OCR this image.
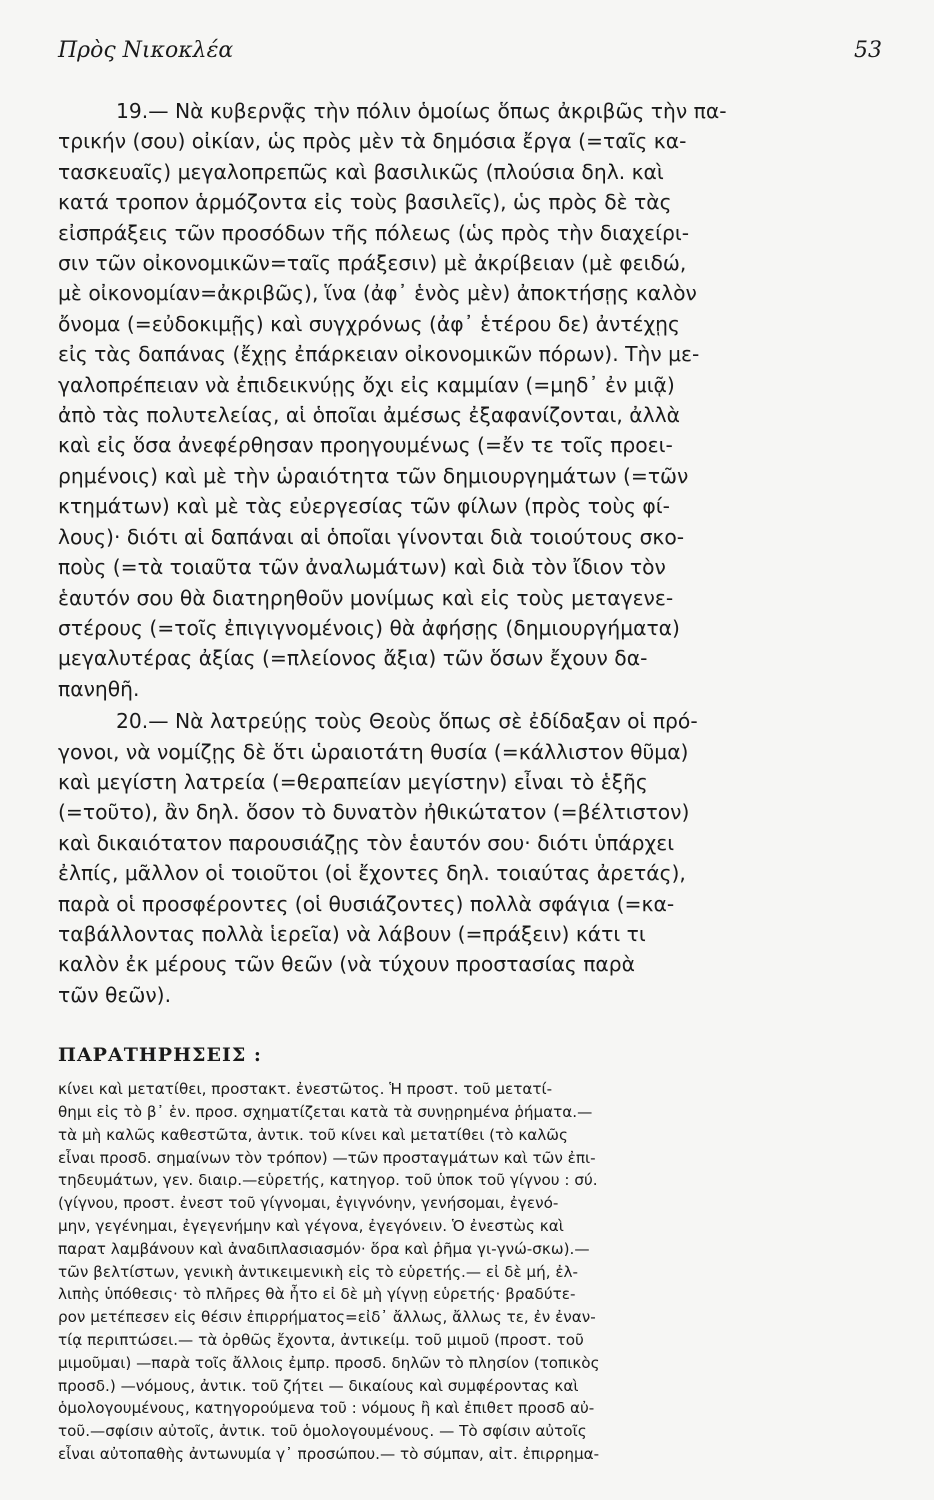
Πρὸς Νικοκλέα	53

19.— Νὰ κυβερνᾷς τὴν πόλιν ὁμοίως ὅπως ἀκριβῶς τὴν πα-
τρικήν (σου) οἰκίαν, ὡς πρὸς μὲν τὰ δημόσια ἔργα (=ταῖς κα-
τασκευαῖς) μεγαλοπρεπῶς καὶ βασιλικῶς (πλούσια δηλ. καὶ
κατά τροπον ἁρμόζοντα εἰς τοὺς βασιλεῖς), ὡς πρὸς δὲ τὰς
εἰσπράξεις τῶν προσόδων τῆς πόλεως (ὡς πρὸς τὴν διαχείρι-
σιν τῶν οἰκονομικῶν=ταῖς πράξεσιν) μὲ ἀκρίβειαν (μὲ φειδώ,
μὲ οἰκονομίαν=ἀκριβῶς), ἵνα (ἀφ᾽ ἑνὸς μὲν) ἀποκτήσῃς καλὸν
ὄνομα (=εὐδοκιμῇς) καὶ συγχρόνως (ἀφ᾽ ἑτέρου δε) ἀντέχῃς
εἰς τὰς δαπάνας (ἔχῃς ἐπάρκειαν οἰκονομικῶν πόρων). Τὴν με-
γαλοπρέπειαν νὰ ἐπιδεικνύῃς ὄχι εἰς καμμίαν (=μηδ᾽ ἐν μιᾷ)
ἀπὸ τὰς πολυτελείας, αἱ ὁποῖαι ἀμέσως ἐξαφανίζονται, ἀλλὰ
καὶ εἰς ὅσα ἀνεφέρθησαν προηγουμένως (=ἔν τε τοῖς προει-
ρημένοις) καὶ μὲ τὴν ὡραιότητα τῶν δημιουργημάτων (=τῶν
κτημάτων) καὶ μὲ τὰς εὐεργεσίας τῶν φίλων (πρὸς τοὺς φί-
λους)· διότι αἱ δαπάναι αἱ ὁποῖαι γίνονται διὰ τοιούτους σκο-
ποὺς (=τὰ τοιαῦτα τῶν ἀναλωμάτων) καὶ διὰ τὸν ἴδιον τὸν
ἑαυτόν σου θὰ διατηρηθοῦν μονίμως καὶ εἰς τοὺς μεταγενε-
στέρους (=τοῖς ἐπιγιγνομένοις) θὰ ἀφήσῃς (δημιουργήματα)
μεγαλυτέρας ἀξίας (=πλείονος ἄξια) τῶν ὅσων ἔχουν δα-
πανηθῆ.

20.— Νὰ λατρεύῃς τοὺς Θεοὺς ὅπως σὲ ἐδίδαξαν οἱ πρό-
γονοι, νὰ νομίζῃς δὲ ὅτι ὡραιοτάτη θυσία (=κάλλιστον θῦμα)
καὶ μεγίστη λατρεία (=θεραπείαν μεγίστην) εἶναι τὸ ἑξῆς
(=τοῦτο), ἂν δηλ. ὅσον τὸ δυνατὸν ἠθικώτατον (=βέλτιστον)
καὶ δικαιότατον παρουσιάζῃς τὸν ἑαυτόν σου· διότι ὑπάρχει
ἐλπίς, μᾶλλον οἱ τοιοῦτοι (οἱ ἔχοντες δηλ. τοιαύτας ἀρετάς),
παρὰ οἱ προσφέροντες (οἱ θυσιάζοντες) πολλὰ σφάγια (=κα-
ταβάλλοντας πολλὰ ἱερεῖα) νὰ λάβουν (=πράξειν) κάτι τι
καλὸν ἐκ μέρους τῶν θεῶν (νὰ τύχουν προστασίας παρὰ
τῶν θεῶν).

ΠΑΡΑΤΗΡΗΣΕΙΣ :

κίνει καὶ μετατίθει, προστακτ. ἐνεστῶτος. Ἡ προστ. τοῦ μετατί-
θημι εἰς τὸ β᾽ ἑν. προσ. σχηματίζεται κατὰ τὰ συνῃρημένα ῥήματα.—
τὰ μὴ καλῶς καθεστῶτα, ἀντικ. τοῦ κίνει καὶ μετατίθει (τὸ καλῶς
εἶναι προσδ. σημαίνων τὸν τρόπον) —τῶν προσταγμάτων καὶ τῶν ἐπι-
τηδευμάτων, γεν. διαιρ.—εὑρετής, κατηγορ. τοῦ ὑποκ τοῦ γίγνου : σύ.
(γίγνου, προστ. ἐνεστ τοῦ γίγνομαι, ἐγιγνόνην, γενήσομαι, ἐγενό-
μην, γεγένημαι, ἐγεγενήμην καὶ γέγονα, ἐγεγόνειν. Ὁ ἐνεστὼς καὶ
παρατ λαμβάνουν καὶ ἀναδιπλασιασμόν· ὅρα καὶ ῥῆμα γι-γνώ-σκω).—
τῶν βελτίστων, γενικὴ ἀντικειμενικὴ εἰς τὸ εὑρετής.— εἰ δὲ μή, ἐλ-
λιπὴς ὑπόθεσις· τὸ πλῆρες θὰ ἦτο εἰ δὲ μὴ γίγνῃ εὑρετής· βραδύτε-
ρον μετέπεσεν εἰς θέσιν ἐπιρρήματος=εἰδ᾽ ἄλλως, ἄλλως τε, ἐν ἐναν-
τίᾳ περιπτώσει.— τὰ ὀρθῶς ἔχοντα, ἀντικείμ. τοῦ μιμοῦ (προστ. τοῦ
μιμοῦμαι) —παρὰ τοῖς ἄλλοις ἐμπρ. προσδ. δηλῶν τὸ πλησίον (τοπικὸς
προσδ.) —νόμους, ἀντικ. τοῦ ζήτει — δικαίους καὶ συμφέροντας καὶ
ὁμολογουμένους, κατηγορούμενα τοῦ : νόμους ἢ καὶ ἐπιθετ προσδ αὐ-
τοῦ.—σφίσιν αὐτοῖς, ἀντικ. τοῦ ὁμολογουμένους. — Τὸ σφίσιν αὐτοῖς
εἶναι αὐτοπαθὴς ἀντωνυμία γ᾽ προσώπου.— τὸ σύμπαν, αἰτ. ἐπιρρημα-
